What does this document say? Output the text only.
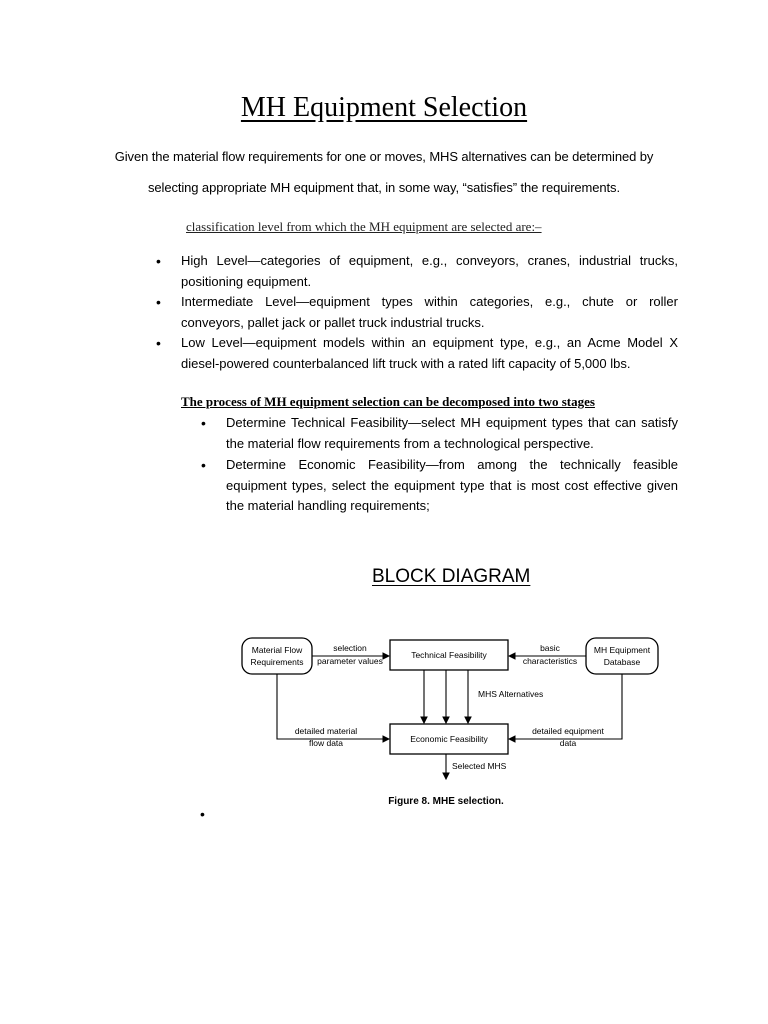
MH Equipment Selection
Given the material flow requirements for one or moves, MHS alternatives can be determined by
selecting appropriate MH equipment that, in some way, “satisfies” the requirements.
classification level from which the MH equipment are selected are:–
• High Level—categories of equipment, e.g., conveyors, cranes, industrial trucks, positioning equipment.
• Intermediate Level—equipment types within categories, e.g., chute or roller conveyors, pallet jack or pallet truck industrial trucks.
• Low Level—equipment models within an equipment type, e.g., an Acme Model X diesel-powered counterbalanced lift truck with a rated lift capacity of 5,000 lbs.
The process of MH equipment selection can be decomposed into two stages
• Determine Technical Feasibility—select MH equipment types that can satisfy the material flow requirements from a technological perspective.
• Determine Economic Feasibility—from among the technically feasible equipment types, select the equipment type that is most cost effective given the material handling requirements;
BLOCK DIAGRAM
Material Flow
Requirements
Technical Feasibility	MH Equipment
Database
Economic Feasibility
selection
parameter values
basic
characteristics
MHS Alternatives
detailed material
flow data
detailed equipment
data
Selected MHS
Figure 8. MHE selection.
•
